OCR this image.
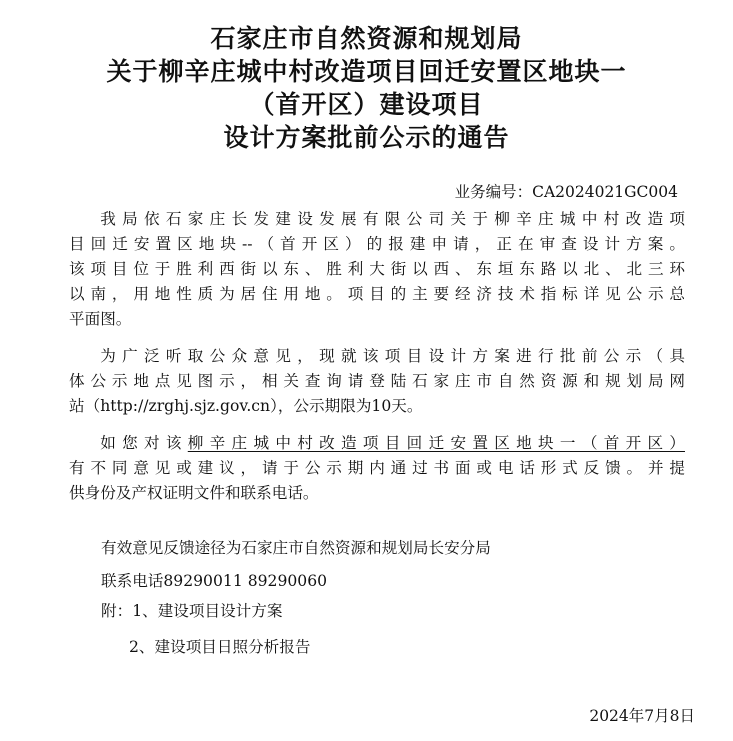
石家庄市自然资源和规划局
关于柳辛庄城中村改造项目回迁安置区地块一
（首开区）建设项目
设计方案批前公示的通告
业务编号：CA2024021GC004
我局依石家庄长发建设发展有限公司关于柳辛庄城中村改造项
目回迁安置区地块--（首开区）的报建申请，正在审查设计方案。
该项目位于胜利西街以东、胜利大街以西、东垣东路以北、北三环
以南，用地性质为居住用地。项目的主要经济技术指标详见公示总
平面图。
为广泛听取公众意见，现就该项目设计方案进行批前公示（具
体公示地点见图示，相关查询请登陆石家庄市自然资源和规划局网
站（http://zrghj.sjz.gov.cn），公示期限为10天。
如您对该柳辛庄城中村改造项目回迁安置区地块一（首开区）
有不同意见或建议，请于公示期内通过书面或电话形式反馈。并提
供身份及产权证明文件和联系电话。
有效意见反馈途径为石家庄市自然资源和规划局长安分局
联系电话89290011 89290060
附：1、建设项目设计方案
2、建设项目日照分析报告
2024年7月8日
